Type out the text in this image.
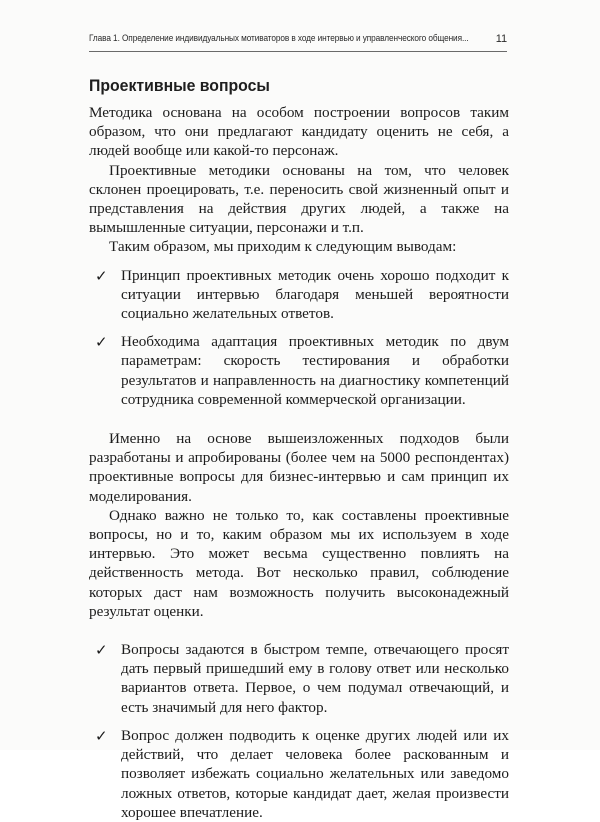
Глава 1. Определение индивидуальных мотиваторов в ходе интервью и управленческого общения... 11
Проективные вопросы

Методика основана на особом построении вопросов таким образом, что они предлагают кандидату оценить не себя, а людей вообще или какой-то персонаж.

Проективные методики основаны на том, что человек склонен проецировать, т.е. переносить свой жизненный опыт и представления на действия других людей, а также на вымышленные ситуации, персонажи и т.п.

Таким образом, мы приходим к следующим выводам:

✓ Принцип проективных методик очень хорошо подходит к ситуации интервью благодаря меньшей вероятности социально желательных ответов.
✓ Необходима адаптация проективных методик по двум параметрам: скорость тестирования и обработки результатов и направленность на диагностику компетенций сотрудника современной коммерческой организации.

Именно на основе вышеизложенных подходов были разработаны и апробированы (более чем на 5000 респондентах) проективные вопросы для бизнес-интервью и сам принцип их моделирования.

Однако важно не только то, как составлены проективные вопросы, но и то, каким образом мы их используем в ходе интервью. Это может весьма существенно повлиять на действенность метода. Вот несколько правил, соблюдение которых даст нам возможность получить высоконадежный результат оценки.

✓ Вопросы задаются в быстром темпе, отвечающего просят дать первый пришедший ему в голову ответ или несколько вариантов ответа. Первое, о чем подумал отвечающий, и есть значимый для него фактор.
✓ Вопрос должен подводить к оценке других людей или их действий, что делает человека более раскованным и позволяет избежать социально желательных или заведомо ложных ответов, которые кандидат дает, желая произвести хорошее впечатление.
